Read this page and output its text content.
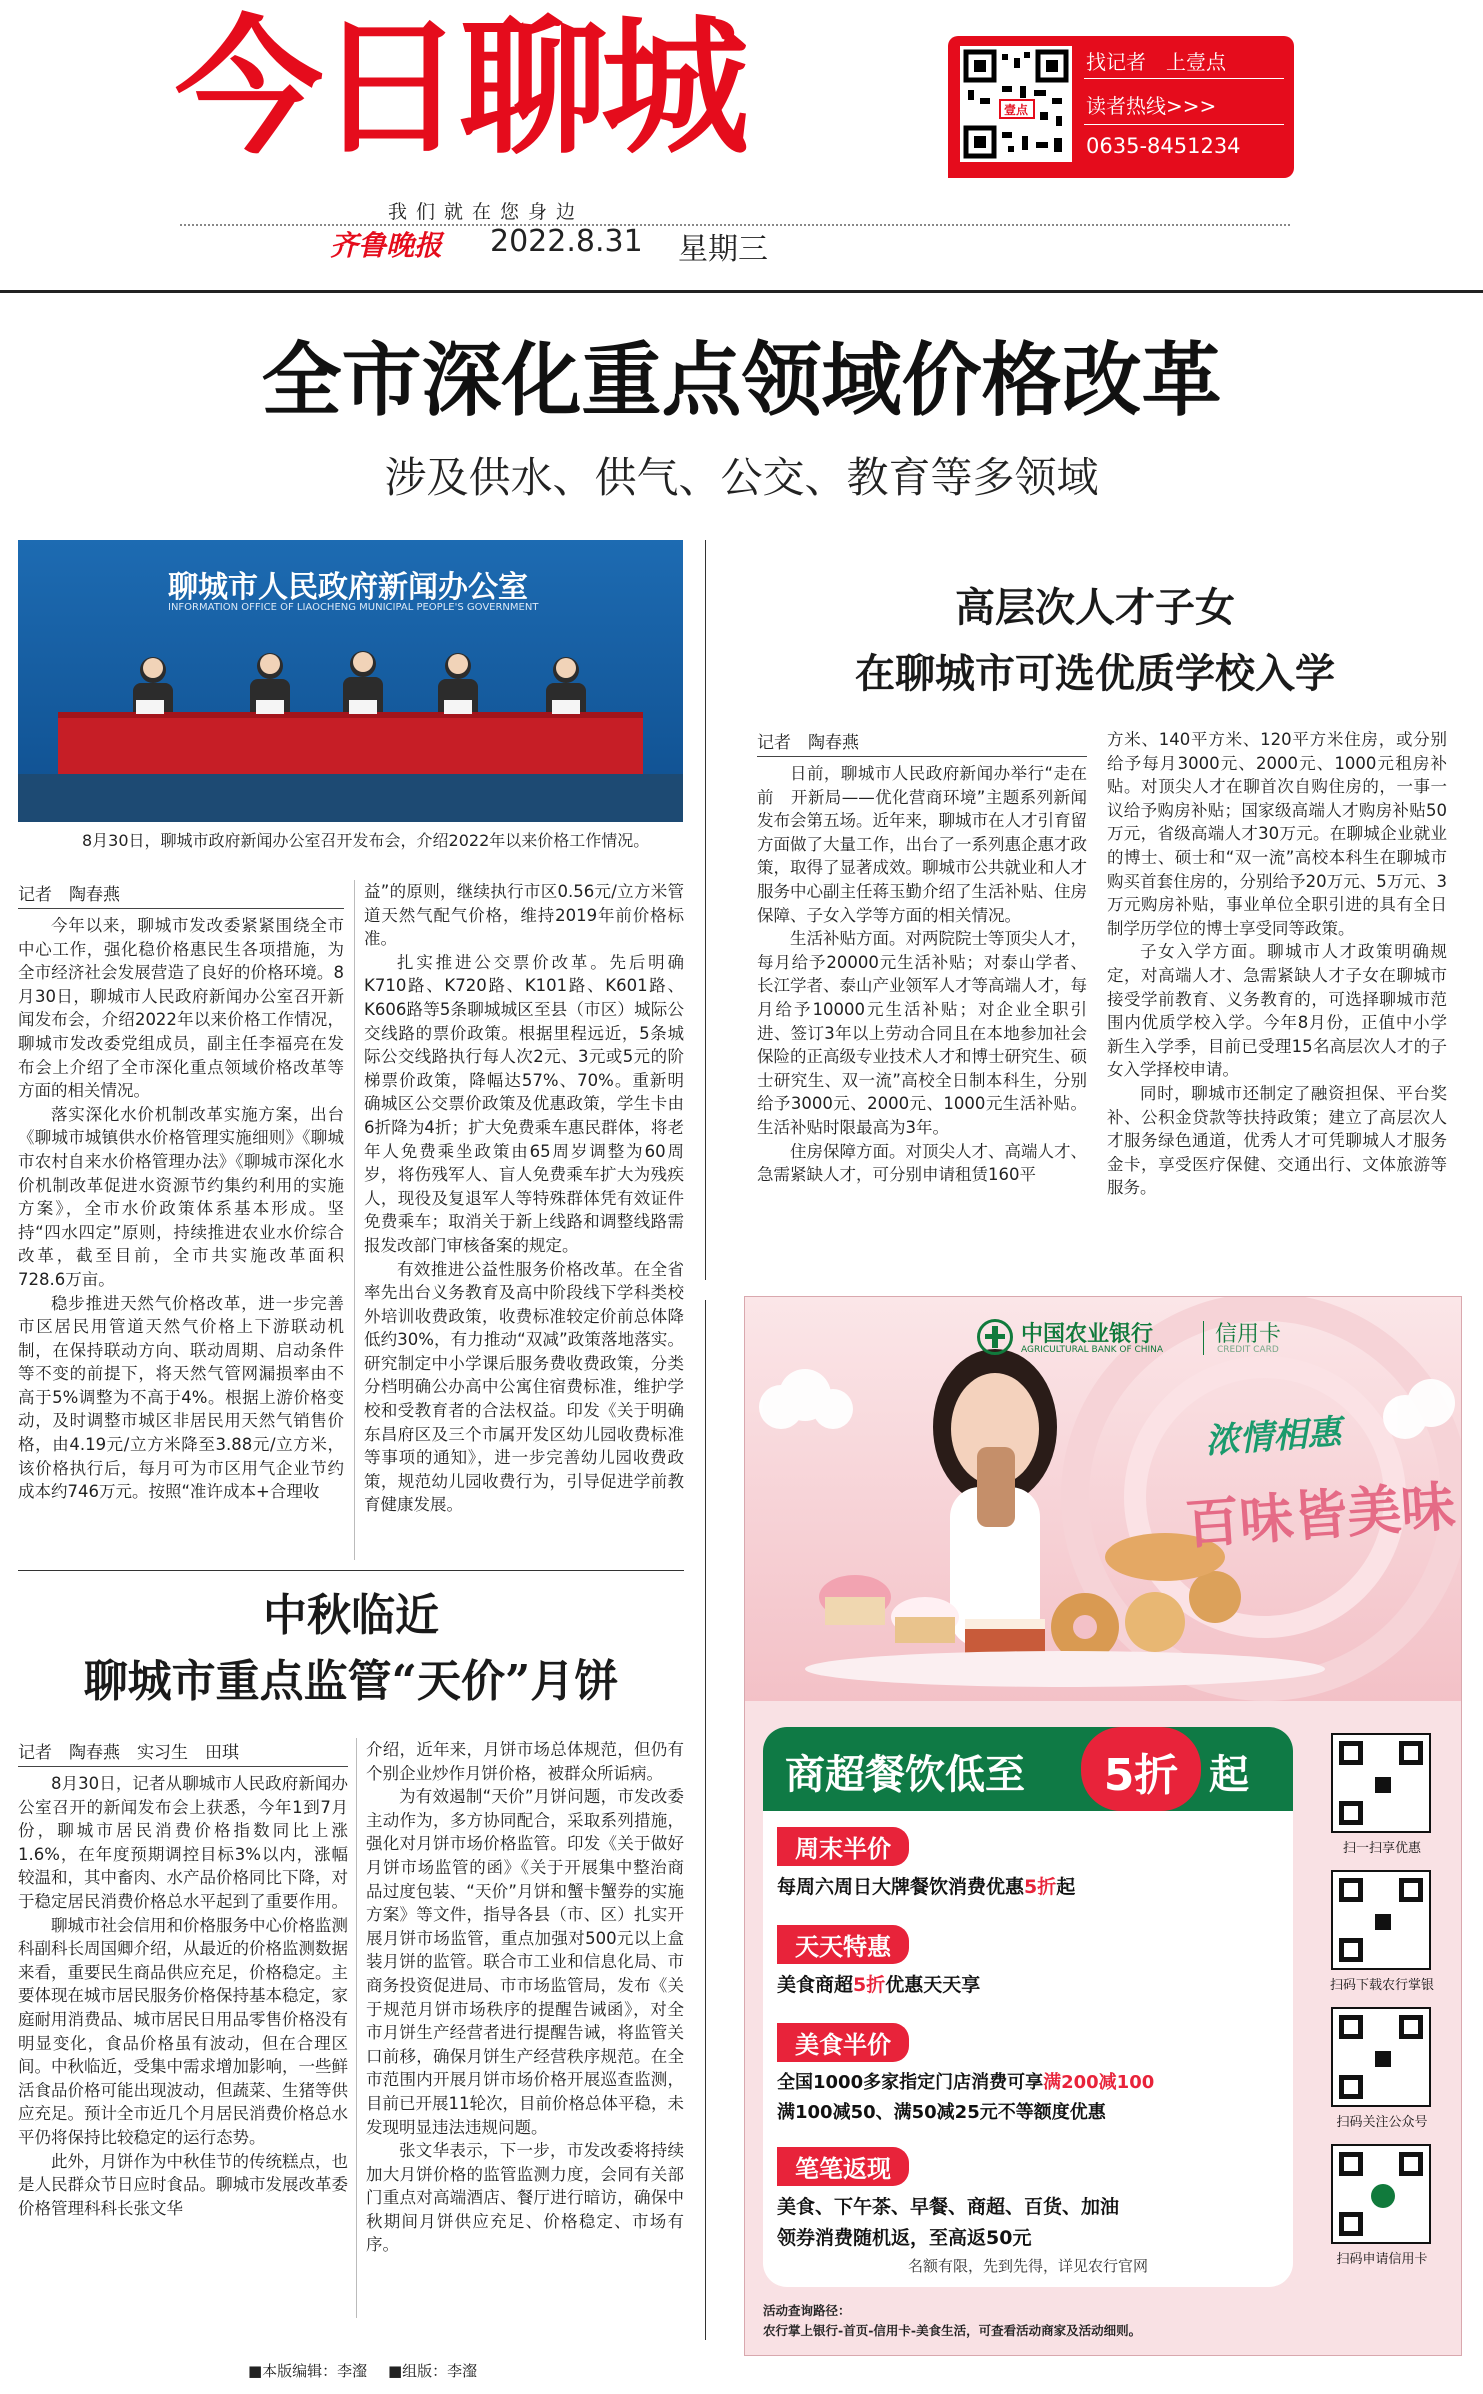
今日聊城
我们就在您身边
齐鲁晚报 2022.8.31 星期三
壹点
找记者　上壹点
读者热线>>>
0635-8451234
全市深化重点领域价格改革
涉及供水、供气、公交、教育等多领域
聊城市人民政府新闻办公室
INFORMATION OFFICE OF LIAOCHENG MUNICIPAL PEOPLE'S GOVERNMENT
8月30日，聊城市政府新闻办公室召开发布会，介绍2022年以来价格工作情况。
记者　陶春燕

今年以来，聊城市发改委紧紧围绕全市中心工作，强化稳价格惠民生各项措施，为全市经济社会发展营造了良好的价格环境。8月30日，聊城市人民政府新闻办公室召开新闻发布会，介绍2022年以来价格工作情况，聊城市发改委党组成员，副主任李福亮在发布会上介绍了全市深化重点领域价格改革等方面的相关情况。

落实深化水价机制改革实施方案，出台《聊城市城镇供水价格管理实施细则》《聊城市农村自来水价格管理办法》《聊城市深化水价机制改革促进水资源节约集约利用的实施方案》，全市水价政策体系基本形成。坚持“四水四定”原则，持续推进农业水价综合改革，截至目前，全市共实施改革面积728.6万亩。

稳步推进天然气价格改革，进一步完善市区居民用管道天然气价格上下游联动机制，在保持联动方向、联动周期、启动条件等不变的前提下，将天然气管网漏损率由不高于5%调整为不高于4%。根据上游价格变动，及时调整市城区非居民用天然气销售价格，由4.19元/立方米降至3.88元/立方米，该价格执行后，每月可为市区用气企业节约成本约746万元。按照“准许成本+合理收

益”的原则，继续执行市区0.56元/立方米管道天然气配气价格，维持2019年前价格标准。

扎实推进公交票价改革。先后明确K710路、K720路、K101路、K601路、K606路等5条聊城城区至县（市区）城际公交线路的票价政策。根据里程远近，5条城际公交线路执行每人次2元、3元或5元的阶梯票价政策，降幅达57%、70%。重新明确城区公交票价政策及优惠政策，学生卡由6折降为4折；扩大免费乘车惠民群体，将老年人免费乘坐政策由65周岁调整为60周岁，将伤残军人、盲人免费乘车扩大为残疾人，现役及复退军人等特殊群体凭有效证件免费乘车；取消关于新上线路和调整线路需报发改部门审核备案的规定。

有效推进公益性服务价格改革。在全省率先出台义务教育及高中阶段线下学科类校外培训收费政策，收费标准较定价前总体降低约30%，有力推动“双减”政策落地落实。研究制定中小学课后服务费收费政策，分类分档明确公办高中公寓住宿费标准，维护学校和受教育者的合法权益。印发《关于明确东昌府区及三个市属开发区幼儿园收费标准等事项的通知》，进一步完善幼儿园收费政策，规范幼儿园收费行为，引导促进学前教育健康发展。

高层次人才子女
在聊城市可选优质学校入学
记者　陶春燕

日前，聊城市人民政府新闻办举行“走在前　开新局——优化营商环境”主题系列新闻发布会第五场。近年来，聊城市在人才引育留方面做了大量工作，出台了一系列惠企惠才政策，取得了显著成效。聊城市公共就业和人才服务中心副主任蒋玉勤介绍了生活补贴、住房保障、子女入学等方面的相关情况。

生活补贴方面。对两院院士等顶尖人才，每月给予20000元生活补贴；对泰山学者、长江学者、泰山产业领军人才等高端人才，每月给予10000元生活补贴；对企业全职引进、签订3年以上劳动合同且在本地参加社会保险的正高级专业技术人才和博士研究生、硕士研究生、双一流”高校全日制本科生，分别给予3000元、2000元、1000元生活补贴。生活补贴时限最高为3年。

住房保障方面。对顶尖人才、高端人才、急需紧缺人才，可分别申请租赁160平

方米、140平方米、120平方米住房，或分别给予每月3000元、2000元、1000元租房补贴。对顶尖人才在聊首次自购住房的，一事一议给予购房补贴；国家级高端人才购房补贴50万元，省级高端人才30万元。在聊城企业就业的博士、硕士和“双一流”高校本科生在聊城市购买首套住房的，分别给予20万元、5万元、3万元购房补贴，事业单位全职引进的具有全日制学历学位的博士享受同等政策。

子女入学方面。聊城市人才政策明确规定，对高端人才、急需紧缺人才子女在聊城市接受学前教育、义务教育的，可选择聊城市范围内优质学校入学。今年8月份，正值中小学新生入学季，目前已受理15名高层次人才的子女入学择校申请。

同时，聊城市还制定了融资担保、平台奖补、公积金贷款等扶持政策；建立了高层次人才服务绿色通道，优秀人才可凭聊城人才服务金卡，享受医疗保健、交通出行、文体旅游等服务。

中秋临近
聊城市重点监管“天价”月饼
记者　陶春燕　实习生　田琪

8月30日，记者从聊城市人民政府新闻办公室召开的新闻发布会上获悉，今年1到7月份，聊城市居民消费价格指数同比上涨1.6%，在年度预期调控目标3%以内，涨幅较温和，其中畜肉、水产品价格同比下降，对于稳定居民消费价格总水平起到了重要作用。

聊城市社会信用和价格服务中心价格监测科副科长周国卿介绍，从最近的价格监测数据来看，重要民生商品供应充足，价格稳定。主要体现在城市居民服务价格保持基本稳定，家庭耐用消费品、城市居民日用品零售价格没有明显变化，食品价格虽有波动，但在合理区间。中秋临近，受集中需求增加影响，一些鲜活食品价格可能出现波动，但蔬菜、生猪等供应充足。预计全市近几个月居民消费价格总水平仍将保持比较稳定的运行态势。

此外，月饼作为中秋佳节的传统糕点，也是人民群众节日应时食品。聊城市发展改革委价格管理科科长张文华

介绍，近年来，月饼市场总体规范，但仍有个别企业炒作月饼价格，被群众所诟病。

为有效遏制“天价”月饼问题，市发改委主动作为，多方协同配合，采取系列措施，强化对月饼市场价格监管。印发《关于做好月饼市场监管的函》《关于开展集中整治商品过度包装、“天价”月饼和蟹卡蟹券的实施方案》等文件，指导各县（市、区）扎实开展月饼市场监管，重点加强对500元以上盒装月饼的监管。联合市工业和信息化局、市商务投资促进局、市市场监管局，发布《关于规范月饼市场秩序的提醒告诫函》，对全市月饼生产经营者进行提醒告诫，将监管关口前移，确保月饼生产经营秩序规范。在全市范围内开展月饼市场价格开展巡查监测，目前已开展11轮次，目前价格总体平稳，未发现明显违法违规问题。

张文华表示，下一步，市发改委将持续加大月饼价格的监管监测力度，会同有关部门重点对高端酒店、餐厅进行暗访，确保中秋期间月饼供应充足、价格稳定、市场有序。

中国农业银行
AGRICULTURAL BANK OF CHINA
信用卡
CREDIT CARD
浓情相惠
百味皆美味
商超餐饮低至	5折 起
周末半价
每周六周日大牌餐饮消费优惠5折起
天天特惠
美食商超5折优惠天天享
美食半价
全国1000多家指定门店消费可享满200减100
满100减50、满50减25元不等额度优惠
笔笔返现
美食、下午茶、早餐、商超、百货、加油
领券消费随机返，至高返50元
名额有限，先到先得，详见农行官网
扫一扫享优惠
扫码下载农行掌银
扫码关注公众号
扫码申请信用卡
活动查询路径：
农行掌上银行-首页-信用卡-美食生活，可查看活动商家及活动细则。
■本版编辑：李瀣 ■组版：李瀣
